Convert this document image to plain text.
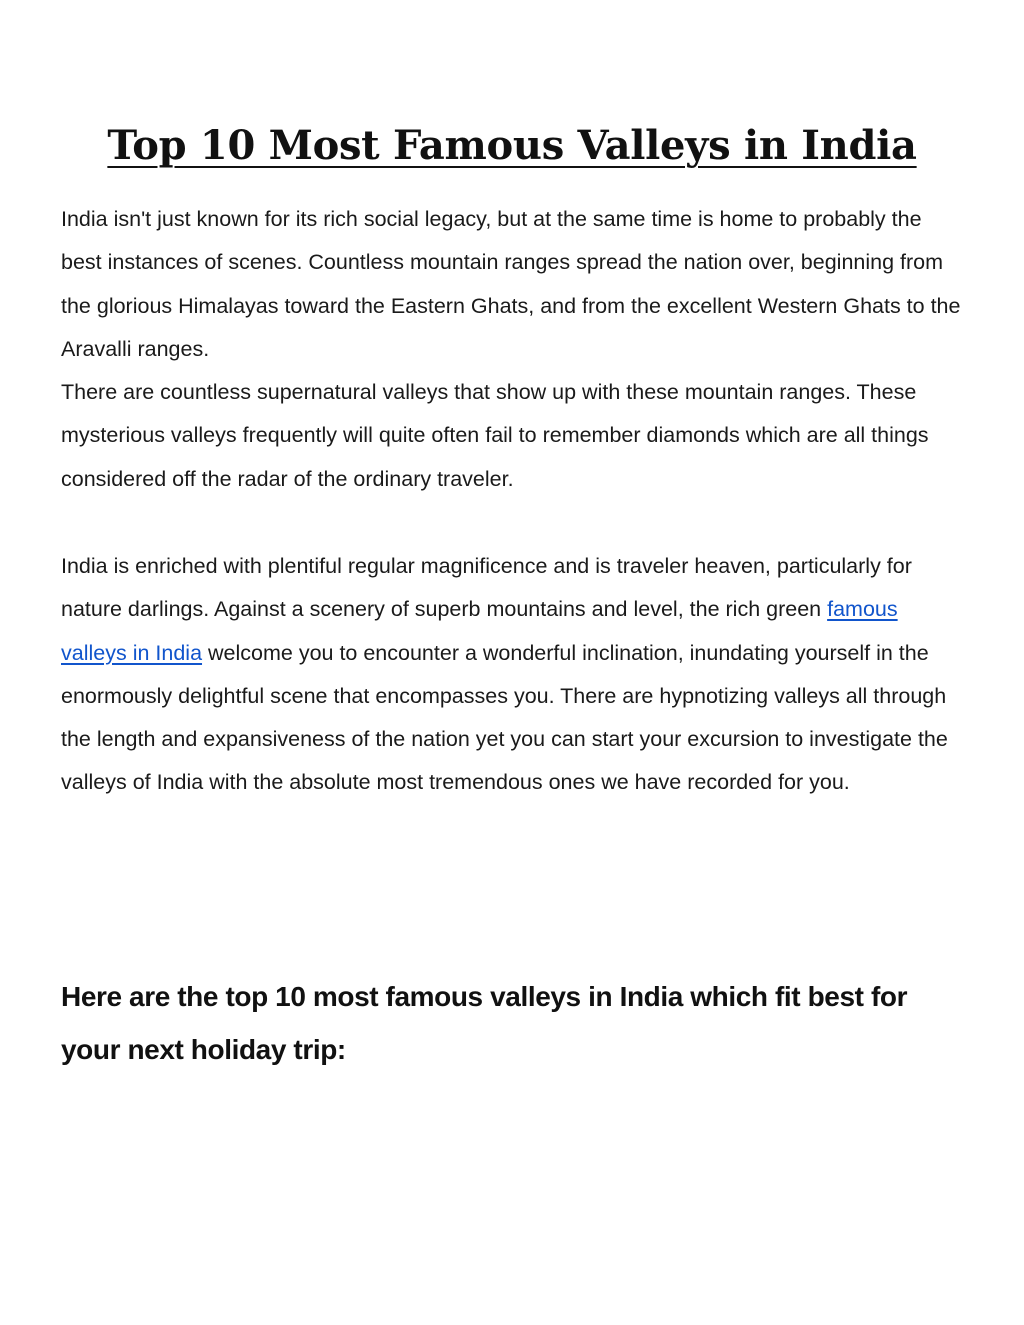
Top 10 Most Famous Valleys in India

India isn't just known for its rich social legacy, but at the same time is home to probably the best instances of scenes. Countless mountain ranges spread the nation over, beginning from the glorious Himalayas toward the Eastern Ghats, and from the excellent Western Ghats to the Aravalli ranges.
There are countless supernatural valleys that show up with these mountain ranges. These mysterious valleys frequently will quite often fail to remember diamonds which are all things considered off the radar of the ordinary traveler.

India is enriched with plentiful regular magnificence and is traveler heaven, particularly for nature darlings. Against a scenery of superb mountains and level, the rich green famous valleys in India welcome you to encounter a wonderful inclination, inundating yourself in the enormously delightful scene that encompasses you. There are hypnotizing valleys all through the length and expansiveness of the nation yet you can start your excursion to investigate the valleys of India with the absolute most tremendous ones we have recorded for you.

Here are the top 10 most famous valleys in India which fit best for your next holiday trip:
